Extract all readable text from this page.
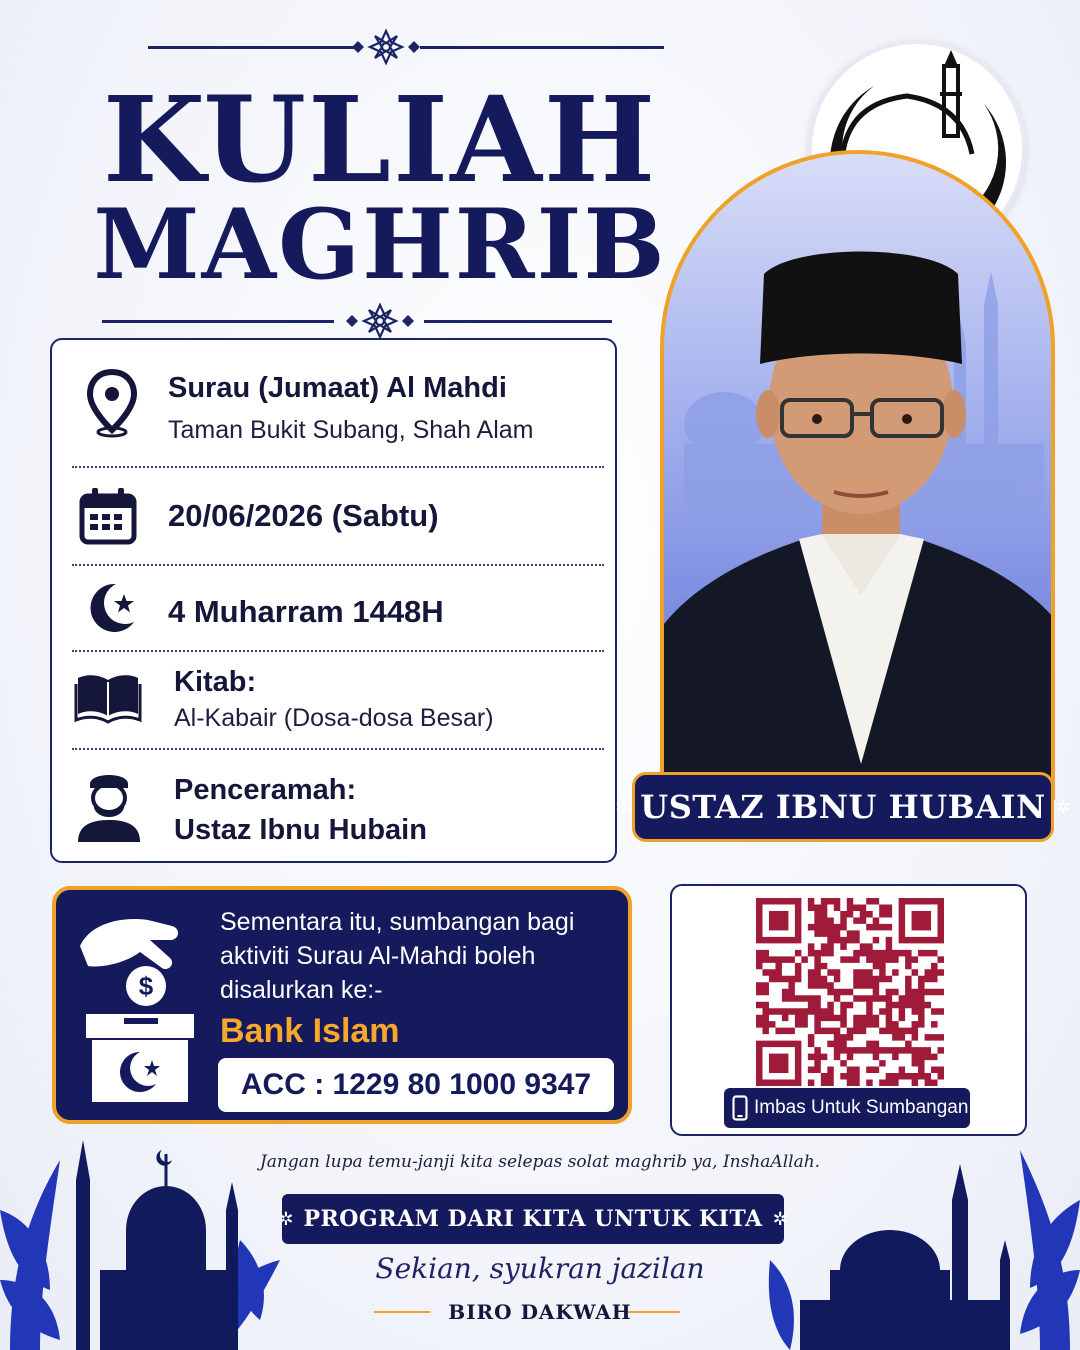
KULIAH
MAGHRIB
Surau (Jumaat) Al Mahdi
Taman Bukit Subang, Shah Alam
20/06/2026 (Sabtu)
4 Muharram 1448H
Kitab:
Al-Kabair (Dosa-dosa Besar)
Penceramah:
Ustaz Ibnu Hubain
✲ USTAZ IBNU HUBAIN ✲
$
Sementara itu, sumbangan bagi
aktiviti Surau Al-Mahdi boleh
disalurkan ke:-
Bank Islam
ACC : 1229 80 1000 9347
Imbas Untuk Sumbangan
Jangan lupa temu-janji kita selepas solat maghrib ya, InshaAllah.
✲ PROGRAM DARI KITA UNTUK KITA ✲
Sekian, syukran jazilan
BIRO DAKWAH
